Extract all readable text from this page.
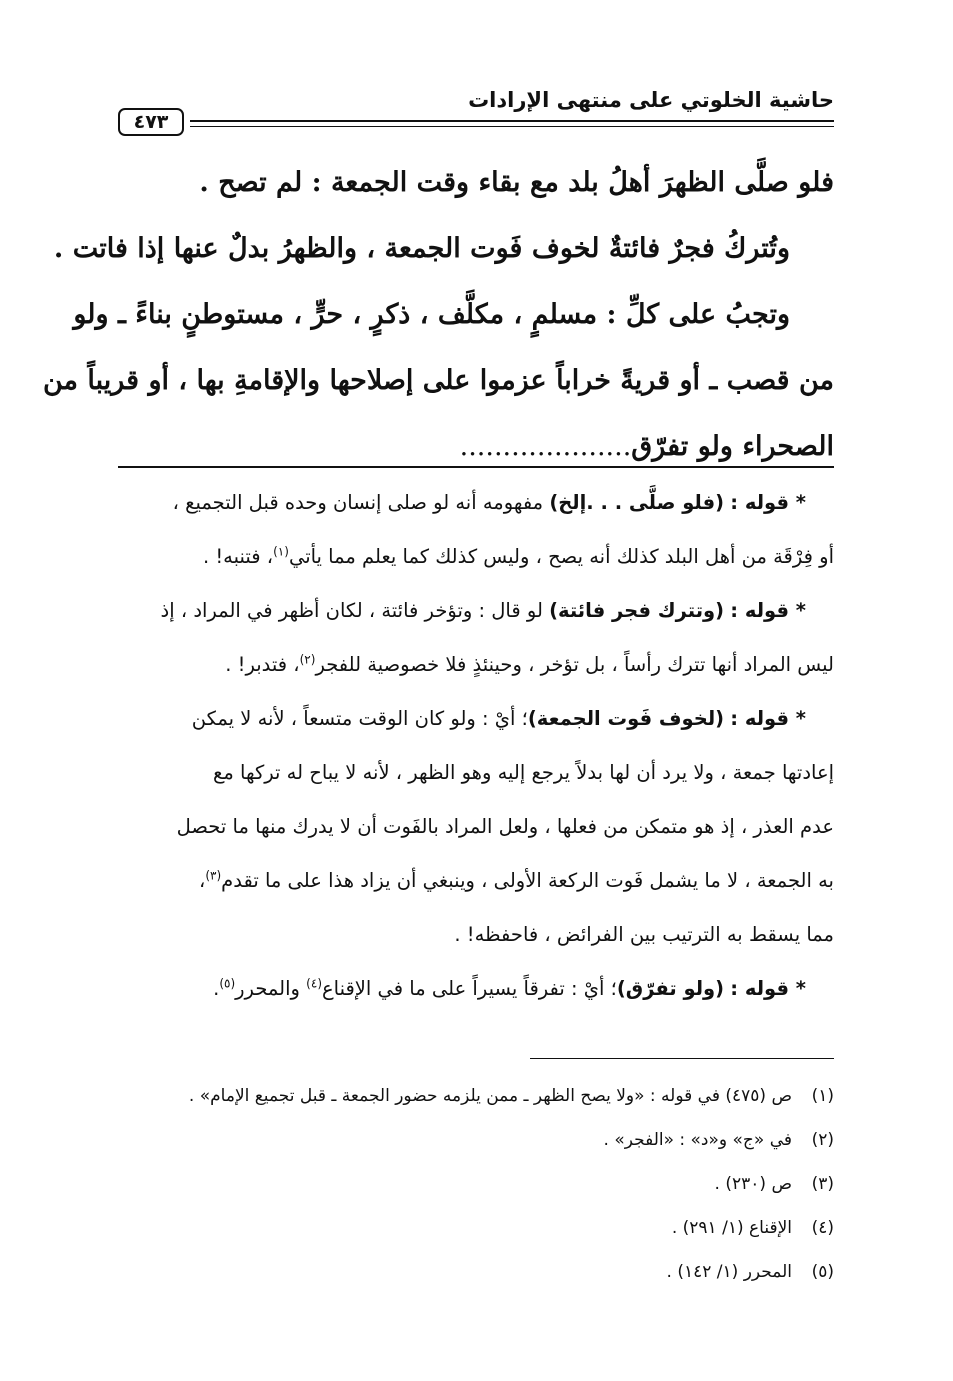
حاشية الخلوتي على منتهى الإرادات
٤٧٣

فلو صلَّى الظهرَ أهلُ بلد مع بقاء وقت الجمعة : لم تصح .

وتُتركُ فجرٌ فائتةٌ لخوف فَوت الجمعة ، والظهرُ بدلٌ عنها إذا فاتت .

وتجبُ على كلِّ : مسلمٍ ، مكلَّف ، ذكرٍ ، حرٍّ ، مستوطنٍ بناءً ـ ولو

من قصب ـ أو قريةً خراباً عزموا على إصلاحها والإقامةِ بها ، أو قريباً من

الصحراء ولو تفرّق....................

* قوله : (فلو صلَّى . . .إلخ) مفهومه أنه لو صلى إنسان وحده قبل التجميع ،

أو فِرْقَة من أهل البلد كذلك أنه يصح ، وليس كذلك كما يعلم مما يأتي$^{(١)}$، فتنبه! .

* قوله : (وتترك فجر فائتة) لو قال : وتؤخر فائتة ، لكان أظهر في المراد ، إذ

ليس المراد أنها تترك رأساً ، بل تؤخر ، وحينئذٍ فلا خصوصية للفجر$^{(٢)}$، فتدبر! .

* قوله : (لخوف فَوت الجمعة)؛ أيْ : ولو كان الوقت متسعاً ، لأنه لا يمكن

إعادتها جمعة ، ولا يرد أن لها بدلاً يرجع إليه وهو الظهر ، لأنه لا يباح له تركها مع

عدم العذر ، إذ هو متمكن من فعلها ، ولعل المراد بالفَوت أن لا يدرك منها ما تحصل

به الجمعة ، لا ما يشمل فَوت الركعة الأولى ، وينبغي أن يزاد هذا على ما تقدم$^{(٣)}$،

مما يسقط به الترتيب بين الفرائض ، فاحفظه! .

* قوله : (ولو تفرّق)؛ أيْ : تفرقاً يسيراً على ما في الإقناع$^{(٤)}$ والمحرر$^{(٥)}$.

(١)ص (٤٧٥) في قوله : «ولا يصح الظهر ـ ممن يلزمه حضور الجمعة ـ قبل تجميع الإمام» .

(٢)في «ج» و«د» : «الفجر» .

(٣)ص (٢٣٠) .

(٤)الإقناع (١/ ٢٩١) .

(٥)المحرر (١/ ١٤٢) .
